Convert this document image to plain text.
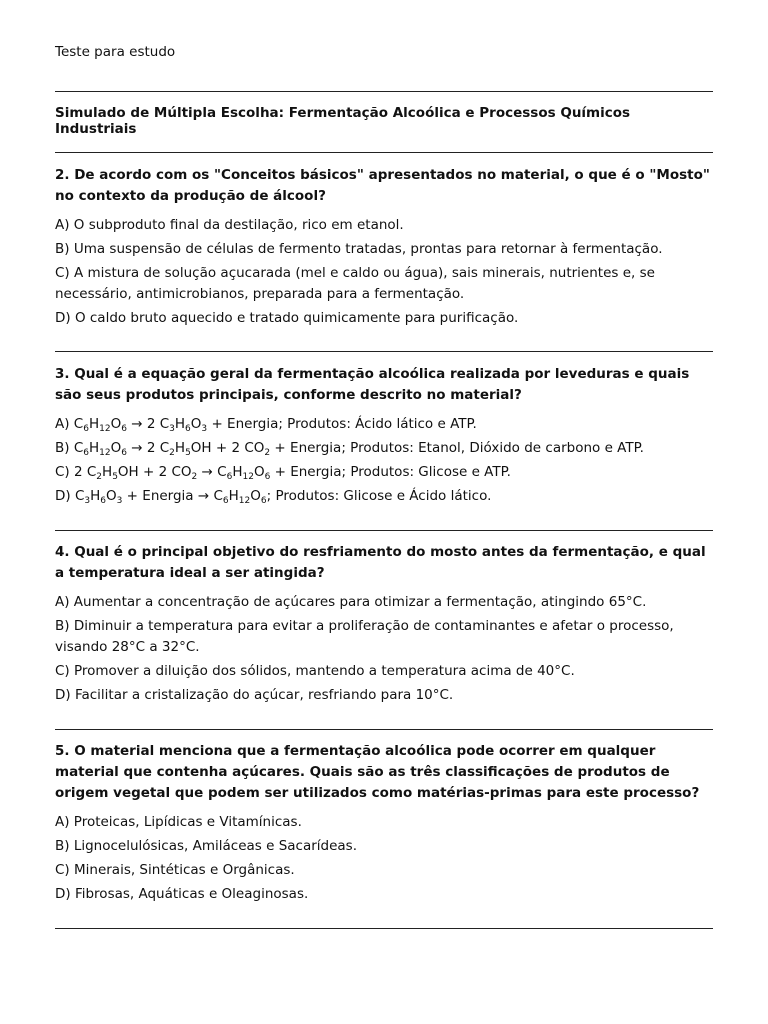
Teste para estudo
Simulado de Múltipla Escolha: Fermentação Alcoólica e Processos Químicos Industriais
2. De acordo com os "Conceitos básicos" apresentados no material, o que é o "Mosto" no contexto da produção de álcool?
A) O subproduto final da destilação, rico em etanol.
B) Uma suspensão de células de fermento tratadas, prontas para retornar à fermentação.
C) A mistura de solução açucarada (mel e caldo ou água), sais minerais, nutrientes e, se necessário, antimicrobianos, preparada para a fermentação.
D) O caldo bruto aquecido e tratado quimicamente para purificação.
3. Qual é a equação geral da fermentação alcoólica realizada por leveduras e quais são seus produtos principais, conforme descrito no material?
A) $C_6H_{12}O_6 \to 2$ $C_3H_6O_3$ + Energia; Produtos: Ácido lático e ATP.
B) $C_6H_{12}O_6 \to 2$ $C_2H_5OH + 2$ $CO_2$ + Energia; Produtos: Etanol, Dióxido de carbono e ATP.
C) 2 $C_2H_5OH + 2$ $CO_2 \to C_6H_{12}O_6$ + Energia; Produtos: Glicose e ATP.
D) $C_3H_6O_3$ + Energia → $C_6H_{12}O_6$; Produtos: Glicose e Ácido lático.
4. Qual é o principal objetivo do resfriamento do mosto antes da fermentação, e qual a temperatura ideal a ser atingida?
A) Aumentar a concentração de açúcares para otimizar a fermentação, atingindo 65°C.
B) Diminuir a temperatura para evitar a proliferação de contaminantes e afetar o processo, visando 28°C a 32°C.
C) Promover a diluição dos sólidos, mantendo a temperatura acima de 40°C.
D) Facilitar a cristalização do açúcar, resfriando para 10°C.
5. O material menciona que a fermentação alcoólica pode ocorrer em qualquer material que contenha açúcares. Quais são as três classificações de produtos de origem vegetal que podem ser utilizados como matérias-primas para este processo?
A) Proteicas, Lipídicas e Vitamínicas.
B) Lignocelulósicas, Amiláceas e Sacarídeas.
C) Minerais, Sintéticas e Orgânicas.
D) Fibrosas, Aquáticas e Oleaginosas.
